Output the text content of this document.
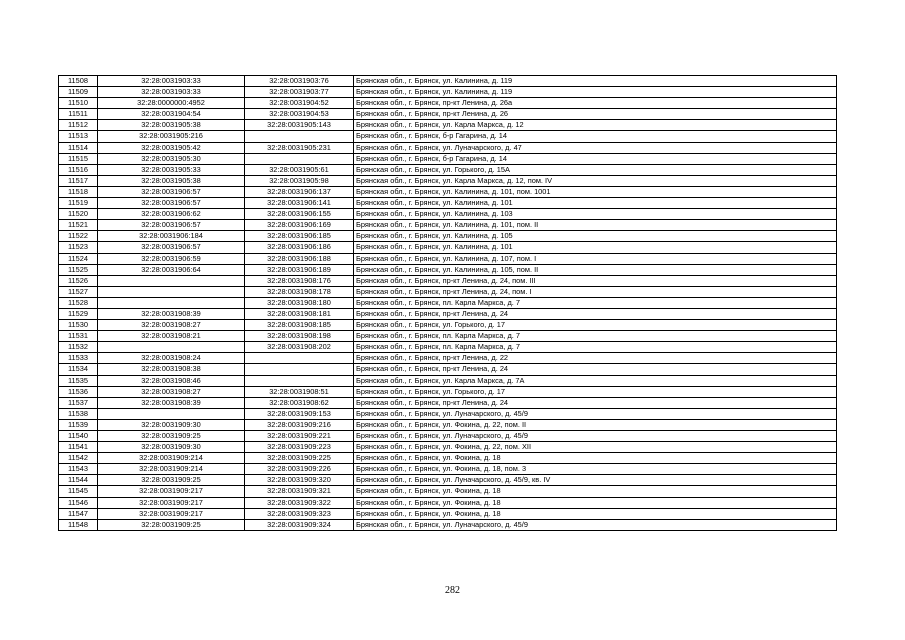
11508	32:28:0031903:33	32:28:0031903:76	Брянская обл., г. Брянск, ул. Калинина, д. 119
11509	32:28:0031903:33	32:28:0031903:77	Брянская обл., г. Брянск, ул. Калинина, д. 119
11510	32:28:0000000:4952	32:28:0031904:52	Брянская обл., г. Брянск, пр-кт Ленина, д. 26а
11511	32:28:0031904:54	32:28:0031904:53	Брянская обл., г. Брянск, пр-кт Ленина, д. 26
11512	32:28:0031905:38	32:28:0031905:143	Брянская обл., г. Брянск, ул. Карла Маркса, д. 12
11513	32:28:0031905:216		Брянская обл., г. Брянск, б-р Гагарина, д. 14
11514	32:28:0031905:42	32:28:0031905:231	Брянская обл., г. Брянск, ул. Луначарского, д. 47
11515	32:28:0031905:30		Брянская обл., г. Брянск, б-р Гагарина, д. 14
11516	32:28:0031905:33	32:28:0031905:61	Брянская обл., г. Брянск, ул. Горького, д. 15А
11517	32:28:0031905:38	32:28:0031905:98	Брянская обл., г. Брянск, ул. Карла Маркса, д. 12, пом. IV
11518	32:28:0031906:57	32:28:0031906:137	Брянская обл., г. Брянск, ул. Калинина, д. 101, пом. 1001
11519	32:28:0031906:57	32:28:0031906:141	Брянская обл., г. Брянск, ул. Калинина, д. 101
11520	32:28:0031906:62	32:28:0031906:155	Брянская обл., г. Брянск, ул. Калинина, д. 103
11521	32:28:0031906:57	32:28:0031906:169	Брянская обл., г. Брянск, ул. Калинина, д. 101, пом. II
11522	32:28:0031906:184	32:28:0031906:185	Брянская обл., г. Брянск, ул. Калинина, д. 105
11523	32:28:0031906:57	32:28:0031906:186	Брянская обл., г. Брянск, ул. Калинина, д. 101
11524	32:28:0031906:59	32:28:0031906:188	Брянская обл., г. Брянск, ул. Калинина, д. 107, пом. I
11525	32:28:0031906:64	32:28:0031906:189	Брянская обл., г. Брянск, ул. Калинина, д. 105, пом. II
11526		32:28:0031908:176	Брянская обл., г. Брянск, пр-кт Ленина, д. 24, пом. III
11527		32:28:0031908:178	Брянская обл., г. Брянск, пр-кт Ленина, д. 24, пом. I
11528		32:28:0031908:180	Брянская обл., г. Брянск, пл. Карла Маркса, д. 7
11529	32:28:0031908:39	32:28:0031908:181	Брянская обл., г. Брянск, пр-кт Ленина, д. 24
11530	32:28:0031908:27	32:28:0031908:185	Брянская обл., г. Брянск, ул. Горького, д. 17
11531	32:28:0031908:21	32:28:0031908:198	Брянская обл., г. Брянск, пл. Карла Маркса, д. 7
11532		32:28:0031908:202	Брянская обл., г. Брянск, пл. Карла Маркса, д. 7
11533	32:28:0031908:24		Брянская обл., г. Брянск, пр-кт Ленина, д. 22
11534	32:28:0031908:38		Брянская обл., г. Брянск, пр-кт Ленина, д. 24
11535	32:28:0031908:46		Брянская обл., г. Брянск, ул. Карла Маркса, д. 7А
11536	32:28:0031908:27	32:28:0031908:51	Брянская обл., г. Брянск, ул. Горького, д. 17
11537	32:28:0031908:39	32:28:0031908:62	Брянская обл., г. Брянск, пр-кт Ленина, д. 24
11538		32:28:0031909:153	Брянская обл., г. Брянск, ул. Луначарского, д. 45/9
11539	32:28:0031909:30	32:28:0031909:216	Брянская обл., г. Брянск, ул. Фокина, д. 22, пом. II
11540	32:28:0031909:25	32:28:0031909:221	Брянская обл., г. Брянск, ул. Луначарского, д. 45/9
11541	32:28:0031909:30	32:28:0031909:223	Брянская обл., г. Брянск, ул. Фокина, д. 22, пом. XII
11542	32:28:0031909:214	32:28:0031909:225	Брянская обл., г. Брянск, ул. Фокина, д. 18
11543	32:28:0031909:214	32:28:0031909:226	Брянская обл., г. Брянск, ул. Фокина, д. 18, пом. 3
11544	32:28:0031909:25	32:28:0031909:320	Брянская обл., г. Брянск, ул. Луначарского, д. 45/9, кв. IV
11545	32:28:0031909:217	32:28:0031909:321	Брянская обл., г. Брянск, ул. Фокина, д. 18
11546	32:28:0031909:217	32:28:0031909:322	Брянская обл., г. Брянск, ул. Фокина, д. 18
11547	32:28:0031909:217	32:28:0031909:323	Брянская обл., г. Брянск, ул. Фокина, д. 18
11548	32:28:0031909:25	32:28:0031909:324	Брянская обл., г. Брянск, ул. Луначарского, д. 45/9
282
